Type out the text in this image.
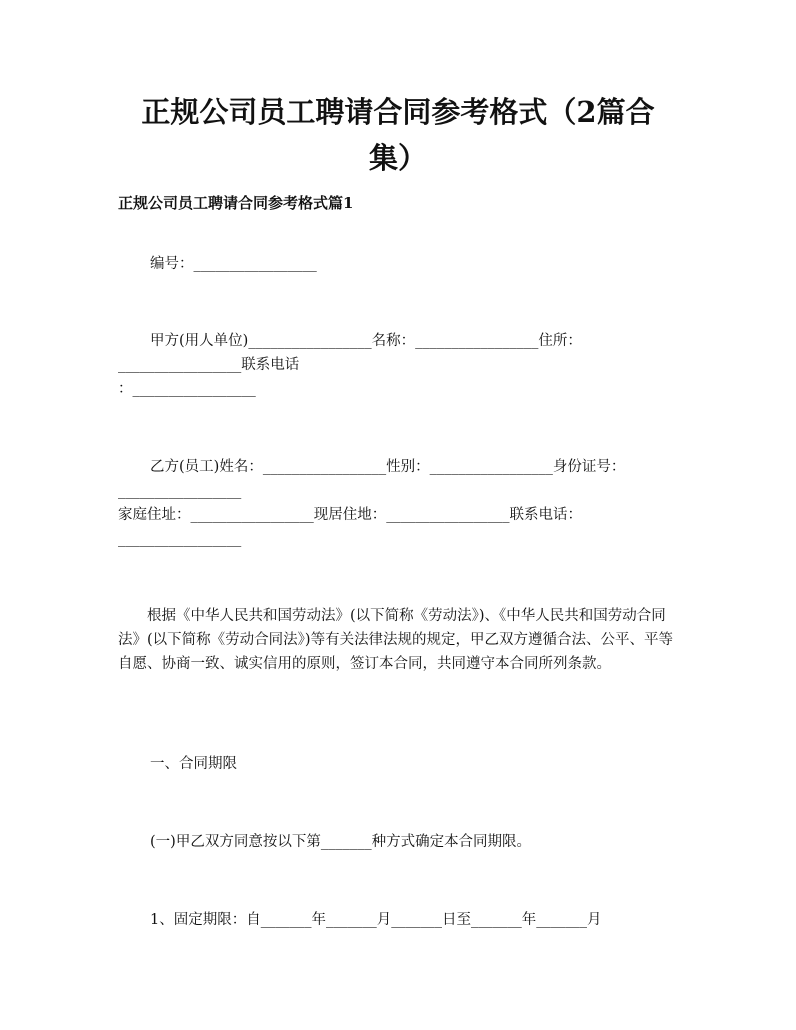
正规公司员工聘请合同参考格式（2篇合
集）

正规公司员工聘请合同参考格式篇1

编号：_________________

甲方(用人单位)_________________名称：_________________住所：

_________________联系电话

：_________________

乙方(员工)姓名：_________________性别：_________________身份证号：

_________________

家庭住址：_________________现居住地：_________________联系电话：

_________________

根据《中华人民共和国劳动法》(以下简称《劳动法》)、《中华人民共和国劳动合同法》(以下简称《劳动合同法》)等有关法律法规的规定，甲乙双方遵循合法、公平、平等自愿、协商一致、诚实信用的原则，签订本合同，共同遵守本合同所列条款。

一、合同期限

(一)甲乙双方同意按以下第_______种方式确定本合同期限。

1、固定期限：自_______年_______月_______日至_______年_______月
